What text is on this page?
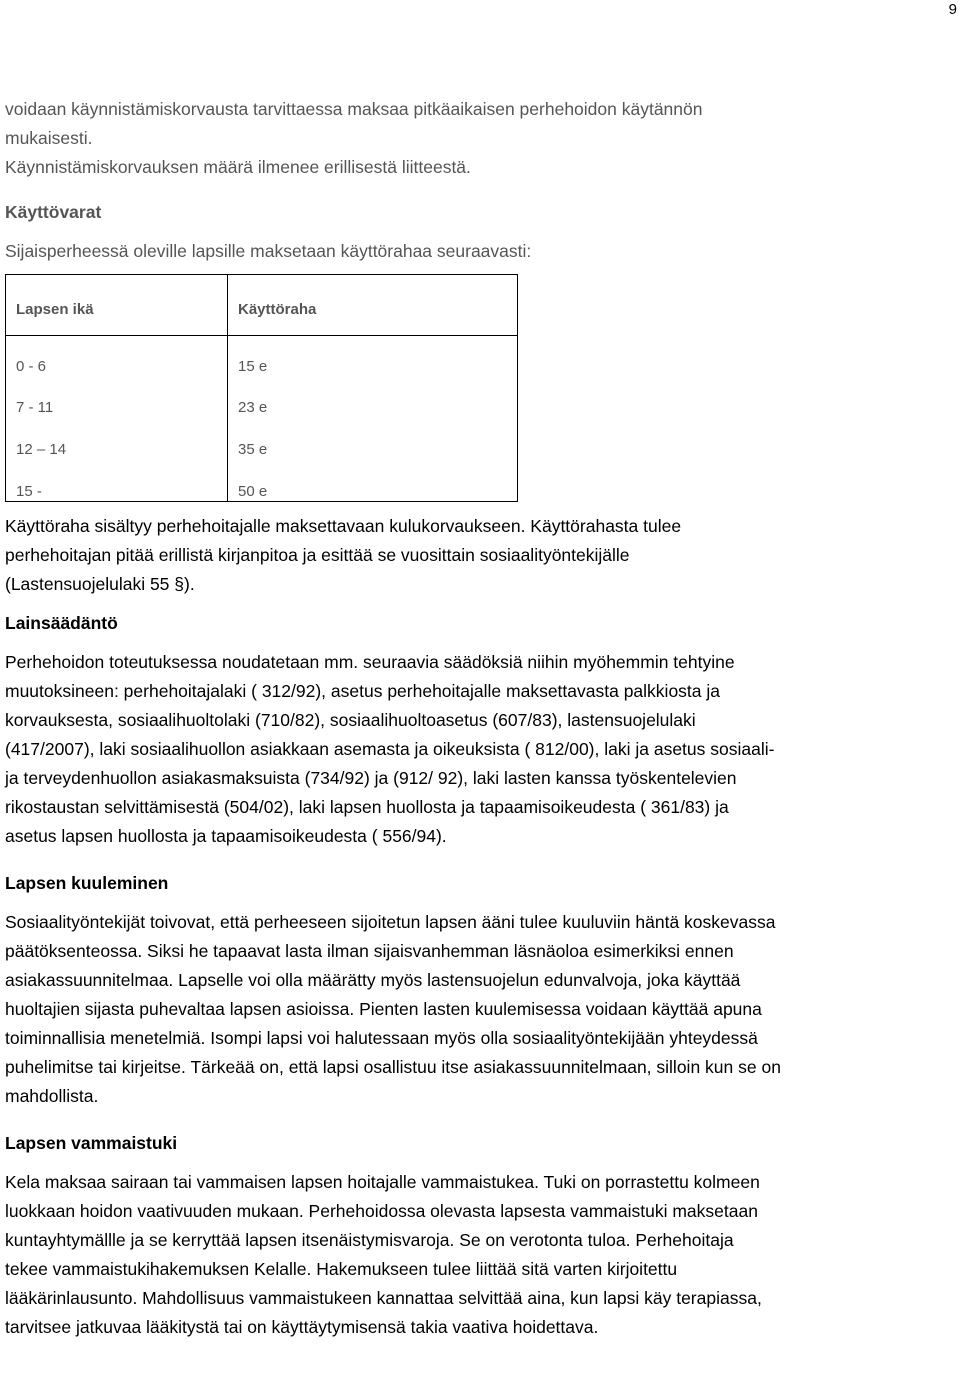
9
voidaan käynnistämiskorvausta tarvittaessa maksaa pitkäaikaisen perhehoidon käytännön
mukaisesti.
Käynnistämiskorvauksen määrä ilmenee erillisestä liitteestä.
Käyttövarat
Sijaisperheessä oleville lapsille maksetaan käyttörahaa seuraavasti:
Lapsen ikä	Käyttöraha
0 - 6	15 e
7 - 11	23 e
12 – 14	35 e
15 -	50 e
Käyttöraha sisältyy perhehoitajalle maksettavaan kulukorvaukseen. Käyttörahasta tulee
perhehoitajan pitää erillistä kirjanpitoa ja esittää se vuosittain sosiaalityöntekijälle
(Lastensuojelulaki 55 §).
Lainsäädäntö
Perhehoidon toteutuksessa noudatetaan mm. seuraavia säädöksiä niihin myöhemmin tehtyine
muutoksineen: perhehoitajalaki ( 312/92), asetus perhehoitajalle maksettavasta palkkiosta ja
korvauksesta, sosiaalihuoltolaki (710/82), sosiaalihuoltoasetus (607/83), lastensuojelulaki
(417/2007), laki sosiaalihuollon asiakkaan asemasta ja oikeuksista ( 812/00), laki ja asetus sosiaali-
ja terveydenhuollon asiakasmaksuista (734/92) ja (912/ 92), laki lasten kanssa työskentelevien
rikostaustan selvittämisestä (504/02), laki lapsen huollosta ja tapaamisoikeudesta ( 361/83) ja
asetus lapsen huollosta ja tapaamisoikeudesta ( 556/94).
Lapsen kuuleminen
Sosiaalityöntekijät toivovat, että perheeseen sijoitetun lapsen ääni tulee kuuluviin häntä koskevassa
päätöksenteossa. Siksi he tapaavat lasta ilman sijaisvanhemman läsnäoloa esimerkiksi ennen
asiakassuunnitelmaa. Lapselle voi olla määrätty myös lastensuojelun edunvalvoja, joka käyttää
huoltajien sijasta puhevaltaa lapsen asioissa. Pienten lasten kuulemisessa voidaan käyttää apuna
toiminnallisia menetelmiä. Isompi lapsi voi halutessaan myös olla sosiaalityöntekijään yhteydessä
puhelimitse tai kirjeitse. Tärkeää on, että lapsi osallistuu itse asiakassuunnitelmaan, silloin kun se on
mahdollista.
Lapsen vammaistuki
Kela maksaa sairaan tai vammaisen lapsen hoitajalle vammaistukea. Tuki on porrastettu kolmeen
luokkaan hoidon vaativuuden mukaan. Perhehoidossa olevasta lapsesta vammaistuki maksetaan
kuntayhtymällle ja se kerryttää lapsen itsenäistymisvaroja. Se on verotonta tuloa. Perhehoitaja
tekee vammaistukihakemuksen Kelalle. Hakemukseen tulee liittää sitä varten kirjoitettu
lääkärinlausunto. Mahdollisuus vammaistukeen kannattaa selvittää aina, kun lapsi käy terapiassa,
tarvitsee jatkuvaa lääkitystä tai on käyttäytymisensä takia vaativa hoidettava.
